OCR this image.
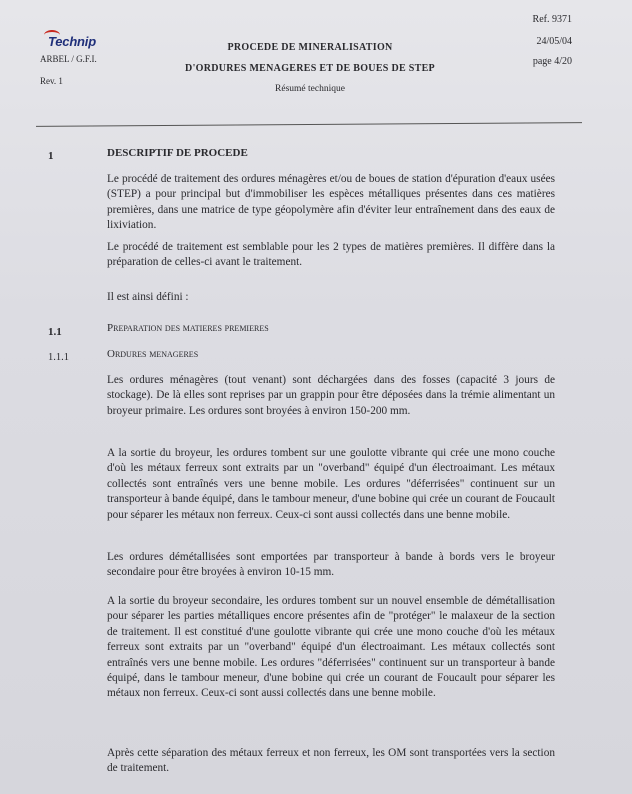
Technip
ARBEL / G.F.I.
Rev. 1
PROCEDE DE MINERALISATION
D'ORDURES MENAGERES ET DE BOUES DE STEP
Résumé technique
Ref. 9371
24/05/04
page 4/20
1	DESCRIPTIF DE PROCEDE
Le procédé de traitement des ordures ménagères et/ou de boues de station d'épuration d'eaux usées (STEP) a pour principal but d'immobiliser les espèces métalliques présentes dans ces matières premières, dans une matrice de type géopolymère afin d'éviter leur entraînement dans des eaux de lixiviation.
Le procédé de traitement est semblable pour les 2 types de matières premières. Il diffère dans la préparation de celles-ci avant le traitement.
Il est ainsi défini :
1.1	Preparation des matieres premieres
1.1.1	Ordures menageres
Les ordures ménagères (tout venant) sont déchargées dans des fosses (capacité 3 jours de stockage). De là elles sont reprises par un grappin pour être déposées dans la trémie alimentant un broyeur primaire. Les ordures sont broyées à environ 150-200 mm.
A la sortie du broyeur, les ordures tombent sur une goulotte vibrante qui crée une mono couche d'où les métaux ferreux sont extraits par un "overband" équipé d'un électroaimant. Les métaux collectés sont entraînés vers une benne mobile. Les ordures "déferrisées" continuent sur un transporteur à bande équipé, dans le tambour meneur, d'une bobine qui crée un courant de Foucault pour séparer les métaux non ferreux. Ceux-ci sont aussi collectés dans une benne mobile.
Les ordures démétallisées sont emportées par transporteur à bande à bords vers le broyeur secondaire pour être broyées à environ 10-15 mm.
A la sortie du broyeur secondaire, les ordures tombent sur un nouvel ensemble de démétallisation pour séparer les parties métalliques encore présentes afin de "protéger" le malaxeur de la section de traitement. Il est constitué d'une goulotte vibrante qui crée une mono couche d'où les métaux ferreux sont extraits par un "overband" équipé d'un électroaimant. Les métaux collectés sont entraînés vers une benne mobile. Les ordures "déferrisées" continuent sur un transporteur à bande équipé, dans le tambour meneur, d'une bobine qui crée un courant de Foucault pour séparer les métaux non ferreux. Ceux-ci sont aussi collectés dans une benne mobile.
Après cette séparation des métaux ferreux et non ferreux, les OM sont transportées vers la section de traitement.
